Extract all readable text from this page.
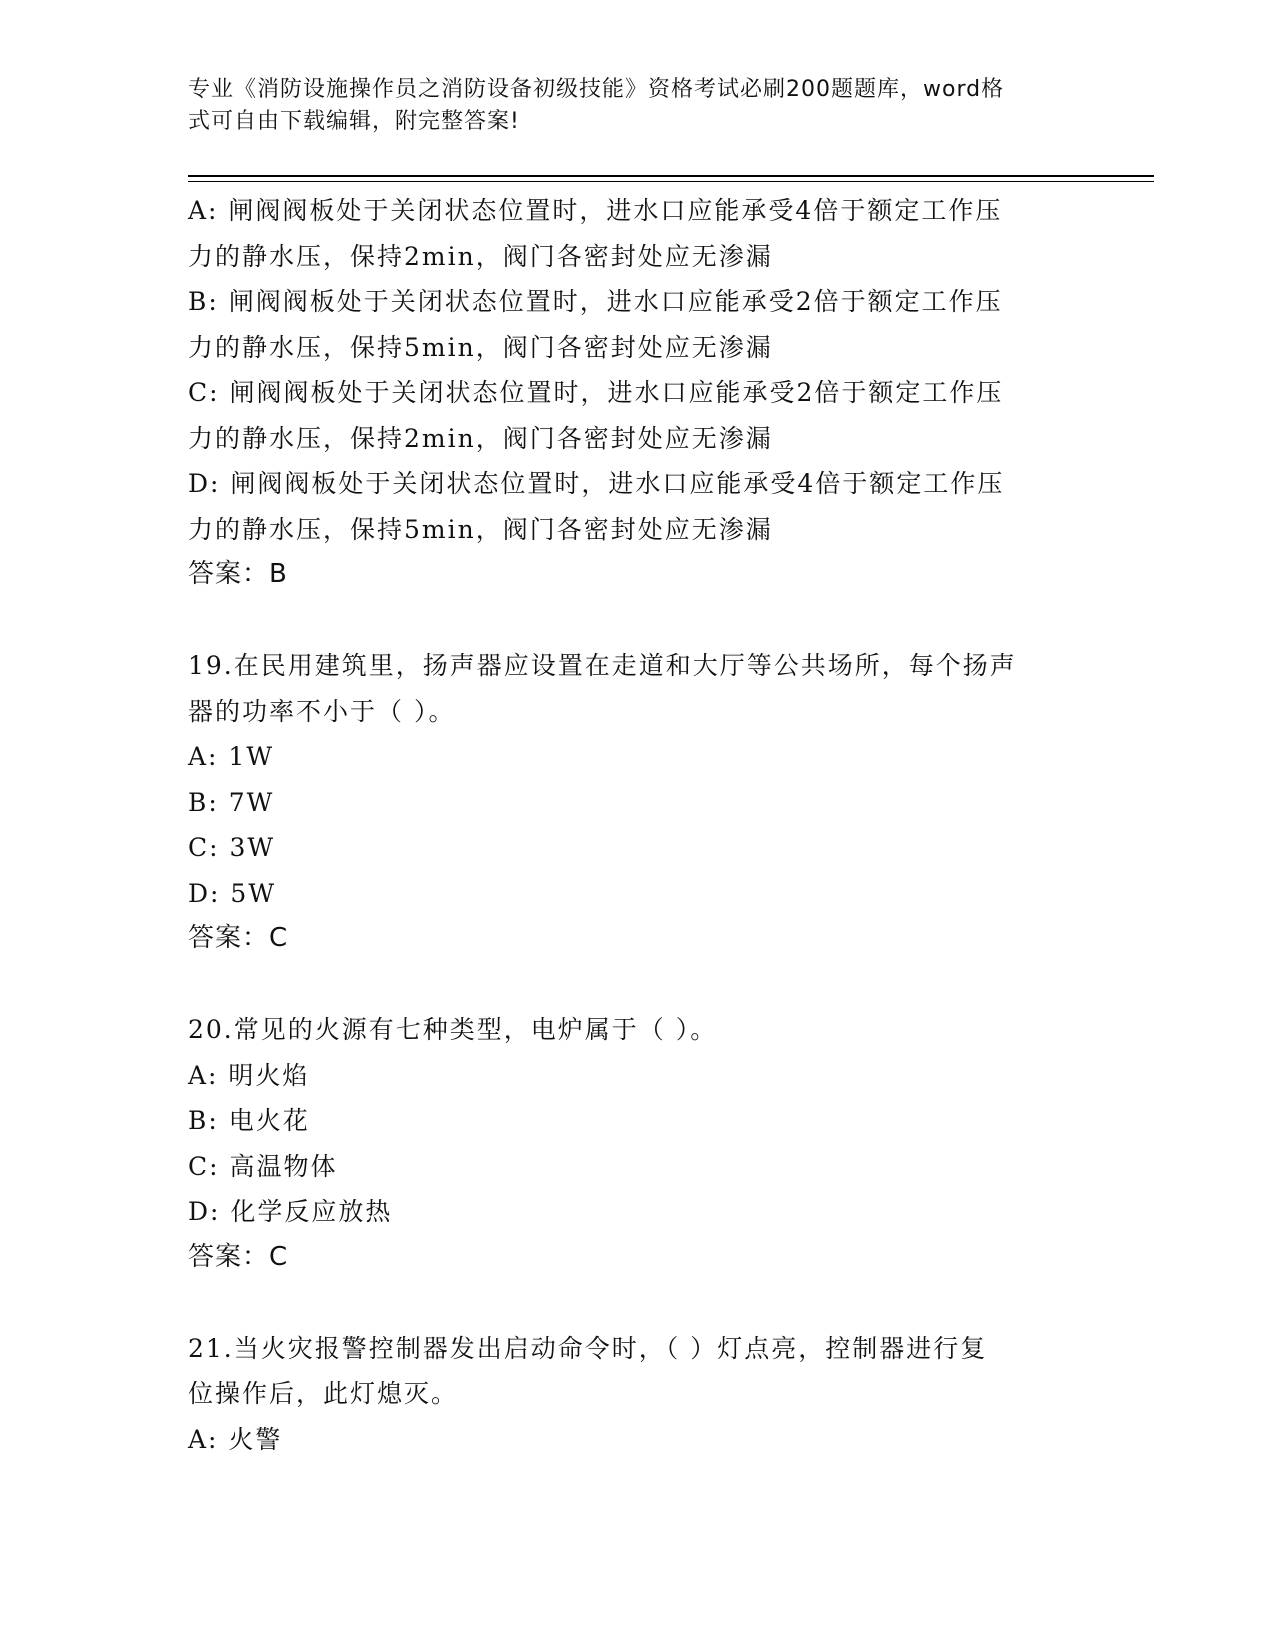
专业《消防设施操作员之消防设备初级技能》资格考试必刷200题题库，word格
式可自由下载编辑，附完整答案!
A: 闸阀阀板处于关闭状态位置时，进水口应能承受4倍于额定工作压
力的静水压，保持2min，阀门各密封处应无渗漏
B: 闸阀阀板处于关闭状态位置时，进水口应能承受2倍于额定工作压
力的静水压，保持5min，阀门各密封处应无渗漏
C: 闸阀阀板处于关闭状态位置时，进水口应能承受2倍于额定工作压
力的静水压，保持2min，阀门各密封处应无渗漏
D: 闸阀阀板处于关闭状态位置时，进水口应能承受4倍于额定工作压
力的静水压，保持5min，阀门各密封处应无渗漏
答案：B
19.在民用建筑里，扬声器应设置在走道和大厅等公共场所，每个扬声
器的功率不小于（ ）。
A: 1W
B: 7W
C: 3W
D: 5W
答案：C
20.常见的火源有七种类型，电炉属于（ ）。
A: 明火焰
B: 电火花
C: 高温物体
D: 化学反应放热
答案：C
21.当火灾报警控制器发出启动命令时，（ ）灯点亮，控制器进行复
位操作后，此灯熄灭。
A: 火警
